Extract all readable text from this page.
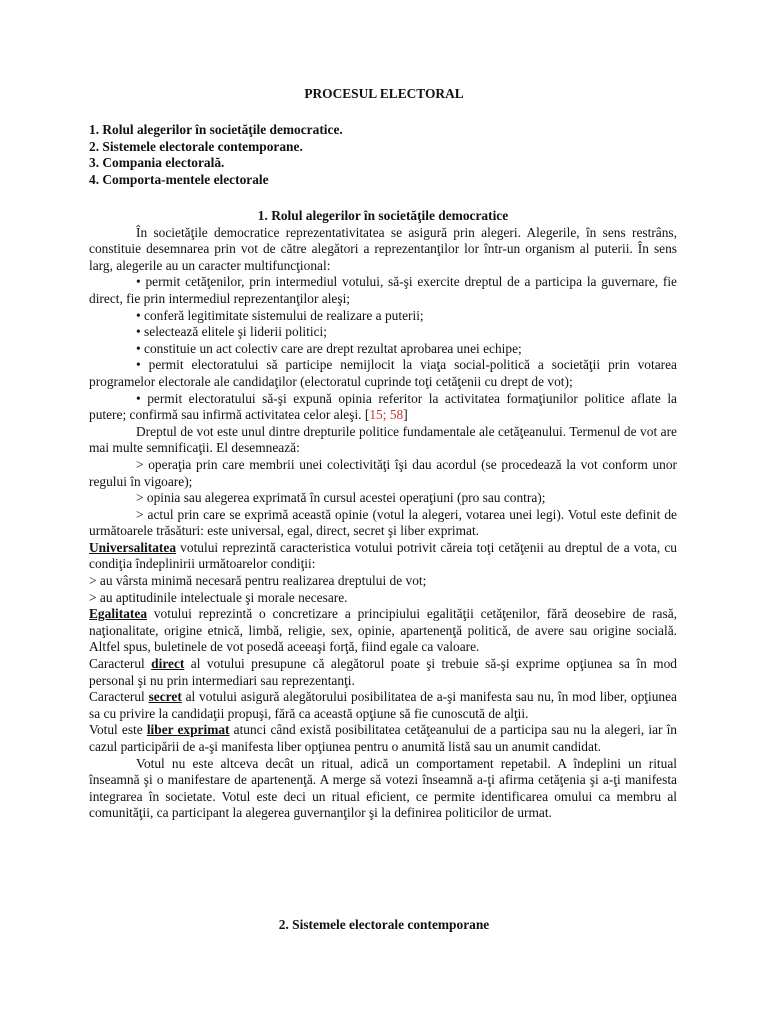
PROCESUL ELECTORAL
1. Rolul alegerilor în societăţile democratice.
2. Sistemele electorale contemporane.
3. Compania electorală.
4. Comporta-mentele electorale
1. Rolul alegerilor în societăţile democratice
În societăţile democratice reprezentativitatea se asigură prin alegeri. Alegerile, în sens restrâns, constituie desemnarea prin vot de către alegători a reprezentanţilor lor într-un organism al puterii. În sens larg, alegerile au un caracter multifuncţional:
• permit cetăţenilor, prin intermediul votului, să-şi exercite dreptul de a participa la guvernare, fie direct, fie prin intermediul reprezentanţilor aleşi;
• conferă legitimitate sistemului de realizare a puterii;
• selectează elitele şi liderii politici;
• constituie un act colectiv care are drept rezultat aprobarea unei echipe;
• permit electoratului să participe nemijlocit la viaţa social-politică a societăţii prin votarea programelor electorale ale candidaţilor (electoratul cuprinde toţi cetăţenii cu drept de vot);
• permit electoratului să-şi expună opinia referitor la activitatea formaţiunilor politice aflate la putere; confirmă sau infirmă activitatea celor aleşi. [15; 58]
Dreptul de vot este unul dintre drepturile politice fundamentale ale cetăţeanului. Termenul de vot are mai multe semnificaţii. El desemnează:
> operaţia prin care membrii unei colectivităţi îşi dau acordul (se procedează la vot conform unor regului în vigoare);
> opinia sau alegerea exprimată în cursul acestei operaţiuni (pro sau contra);
> actul prin care se exprimă această opinie (votul la alegeri, votarea unei legi). Votul este definit de următoarele trăsături: este universal, egal, direct, secret şi liber exprimat.
Universalitatea votului reprezintă caracteristica votului potrivit căreia toţi cetăţenii au dreptul de a vota, cu condiţia îndeplinirii următoarelor condiţii:
> au vârsta minimă necesară pentru realizarea dreptului de vot;
> au aptitudinile intelectuale şi morale necesare.
Egalitatea votului reprezintă o concretizare a principiului egalităţii cetăţenilor, fără deosebire de rasă, naţionalitate, origine etnică, limbă, religie, sex, opinie, apartenenţă politică, de avere sau origine socială. Altfel spus, buletinele de vot posedă aceeaşi forţă, fiind egale ca valoare.
Caracterul direct al votului presupune că alegătorul poate şi trebuie să-şi exprime opţiunea sa în mod personal şi nu prin intermediari sau reprezentanţi.
Caracterul secret al votului asigură alegătorului posibilitatea de a-şi manifesta sau nu, în mod liber, opţiunea sa cu privire la candidaţii propuşi, fără ca această opţiune să fie cunoscută de alţii.
Votul este liber exprimat atunci când există posibilitatea cetăţeanului de a participa sau nu la alegeri, iar în cazul participării de a-şi manifesta liber opţiunea pentru o anumită listă sau un anumit candidat.
Votul nu este altceva decât un ritual, adică un comportament repetabil. A îndeplini un ritual înseamnă şi o manifestare de apartenenţă. A merge să votezi înseamnă a-ţi afirma cetăţenia şi a-ţi manifesta integrarea în societate. Votul este deci un ritual eficient, ce permite identificarea omului ca membru al comunităţii, ca participant la alegerea guvernanţilor şi la definirea politicilor de urmat.
2. Sistemele electorale contemporane
